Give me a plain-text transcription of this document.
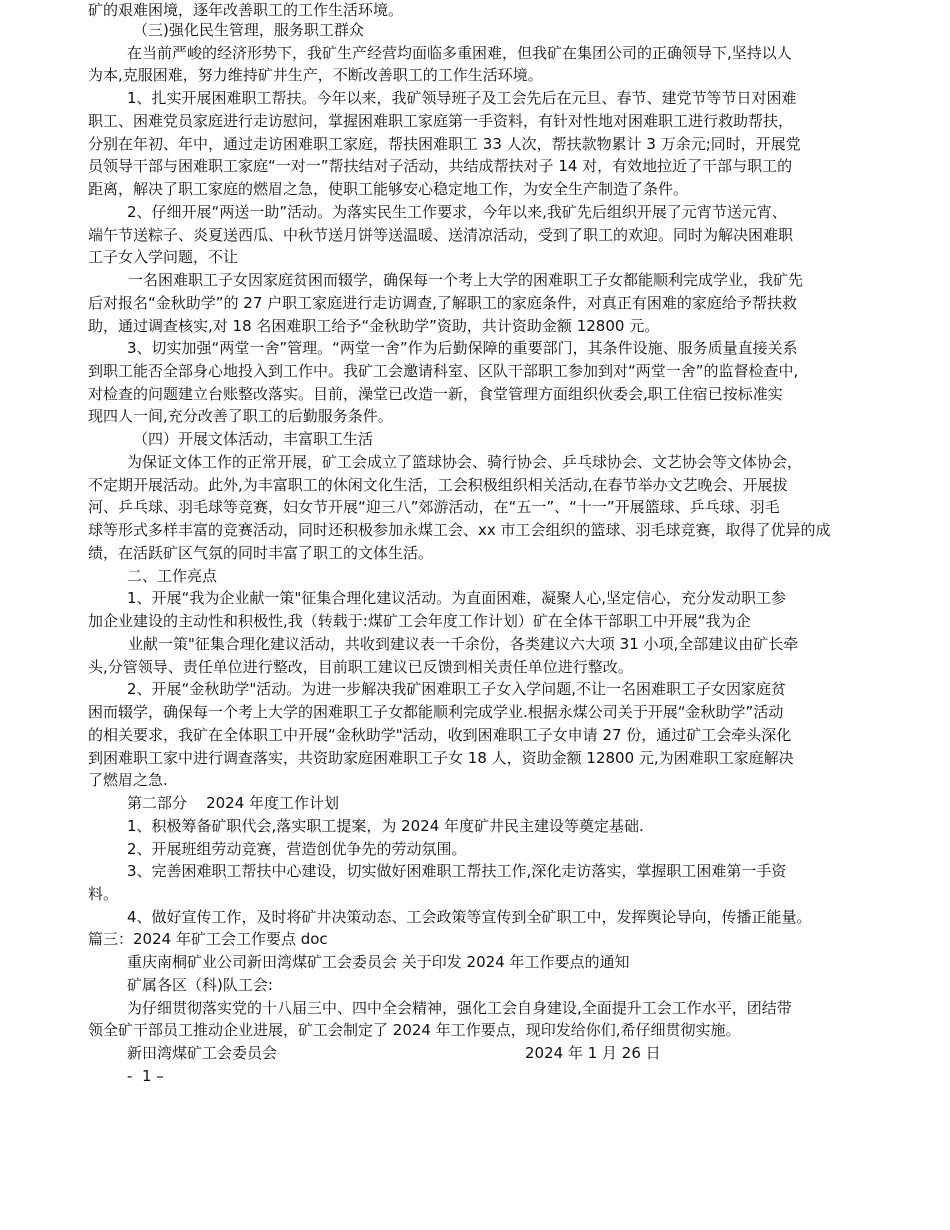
矿的艰难困境，逐年改善职工的工作生活环境。
（三)强化民生管理，服务职工群众
在当前严峻的经济形势下，我矿生产经营均面临多重困难，但我矿在集团公司的正确领导下,坚持以人
为本,克服困难，努力维持矿井生产，不断改善职工的工作生活环境。
1、扎实开展困难职工帮扶。今年以来，我矿领导班子及工会先后在元旦、春节、建党节等节日对困难
职工、困难党员家庭进行走访慰问，掌握困难职工家庭第一手资料，有针对性地对困难职工进行救助帮扶，
分别在年初、年中，通过走访困难职工家庭，帮扶困难职工 33 人次，帮扶款物累计 3 万余元;同时，开展党
员领导干部与困难职工家庭“一对一”帮扶结对子活动，共结成帮扶对子 14 对，有效地拉近了干部与职工的
距离，解决了职工家庭的燃眉之急，使职工能够安心稳定地工作，为安全生产制造了条件。
2、仔细开展“两送一助”活动。为落实民生工作要求，今年以来,我矿先后组织开展了元宵节送元宵、
端午节送粽子、炎夏送西瓜、中秋节送月饼等送温暖、送清凉活动，受到了职工的欢迎。同时为解决困难职
工子女入学问题，不让
一名困难职工子女因家庭贫困而辍学，确保每一个考上大学的困难职工子女都能顺利完成学业，我矿先
后对报名“金秋助学”的 27 户职工家庭进行走访调查,了解职工的家庭条件，对真正有困难的家庭给予帮扶救
助，通过调查核实,对 18 名困难职工给予“金秋助学”资助，共计资助金额 12800 元。
3、切实加强“两堂一舍”管理。“两堂一舍”作为后勤保障的重要部门，其条件设施、服务质量直接关系
到职工能否全部身心地投入到工作中。我矿工会邀请科室、区队干部职工参加到对“两堂一舍”的监督检查中,
对检查的问题建立台账整改落实。目前，澡堂已改造一新，食堂管理方面组织伙委会,职工住宿已按标准实
现四人一间,充分改善了职工的后勤服务条件。
（四）开展文体活动，丰富职工生活
为保证文体工作的正常开展，矿工会成立了篮球协会、骑行协会、乒乓球协会、文艺协会等文体协会，
不定期开展活动。此外,为丰富职工的休闲文化生活，工会积极组织相关活动,在春节举办文艺晚会、开展拔
河、乒乓球、羽毛球等竞赛，妇女节开展“迎三八”郊游活动，在“五一”、“十一”开展篮球、乒乓球、羽毛
球等形式多样丰富的竞赛活动，同时还积极参加永煤工会、xx 市工会组织的篮球、羽毛球竞赛，取得了优异的成
绩，在活跃矿区气氛的同时丰富了职工的文体生活。
二、工作亮点
1、开展“我为企业献一策"征集合理化建议活动。为直面困难，凝聚人心,坚定信心，充分发动职工参
加企业建设的主动性和积极性,我（转载于:煤矿工会年度工作计划）矿在全体干部职工中开展“我为企
业献一策"征集合理化建议活动，共收到建议表一千余份，各类建议六大项 31 小项,全部建议由矿长牵
头,分管领导、责任单位进行整改，目前职工建议已反馈到相关责任单位进行整改。
2、开展“金秋助学"活动。为进一步解决我矿困难职工子女入学问题,不让一名困难职工子女因家庭贫
困而辍学，确保每一个考上大学的困难职工子女都能顺利完成学业.根据永煤公司关于开展“金秋助学”活动
的相关要求，我矿在全体职工中开展“金秋助学"活动，收到困难职工子女申请 27 份，通过矿工会牵头深化
到困难职工家中进行调查落实，共资助家庭困难职工子女 18 人，资助金额 12800 元,为困难职工家庭解决
了燃眉之急.
第二部分    2024 年度工作计划
1、积极筹备矿职代会,落实职工提案，为 2024 年度矿井民主建设等奠定基础.
2、开展班组劳动竞赛，营造创优争先的劳动氛围。
3、完善困难职工帮扶中心建设，切实做好困难职工帮扶工作,深化走访落实，掌握职工困难第一手资
料。
4、做好宣传工作，及时将矿井决策动态、工会政策等宣传到全矿职工中，发挥舆论导向，传播正能量。
篇三：2024 年矿工会工作要点 doc
重庆南桐矿业公司新田湾煤矿工会委员会 关于印发 2024 年工作要点的通知
矿属各区（科)队工会:
为仔细贯彻落实党的十八届三中、四中全会精神，强化工会自身建设,全面提升工会工作水平，团结带
领全矿干部员工推动企业进展，矿工会制定了 2024 年工作要点，现印发给你们,希仔细贯彻实施。
新田湾煤矿工会委员会	2024 年 1 月 26 日
-  1 –
